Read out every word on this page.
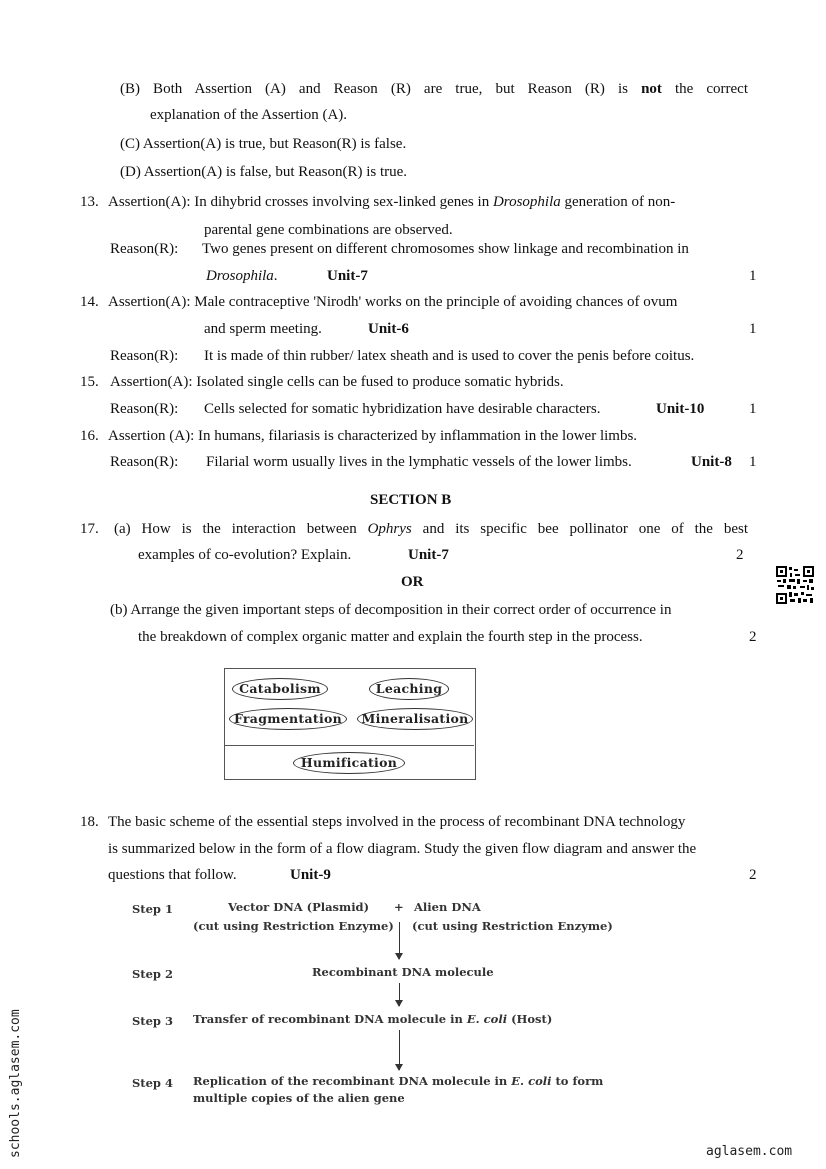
(B) Both Assertion (A) and Reason (R) are true, but Reason (R) is not the correct
explanation of the Assertion (A).
(C) Assertion(A) is true, but Reason(R) is false.
(D) Assertion(A) is false, but Reason(R) is true.
13. Assertion(A): In dihybrid crosses involving sex-linked genes in Drosophila generation of non-
parental gene combinations are observed.
Reason(R): Two genes present on different chromosomes show linkage and recombination in
Drosophila.	Unit-7	1
14. Assertion(A): Male contraceptive 'Nirodh' works on the principle of avoiding chances of ovum
and sperm meeting.	Unit-6	1
Reason(R): It is made of thin rubber/ latex sheath and is used to cover the penis before coitus.
15. Assertion(A): Isolated single cells can be fused to produce somatic hybrids.
Reason(R): Cells selected for somatic hybridization have desirable characters.	Unit-10	1
16. Assertion (A): In humans, filariasis is characterized by inflammation in the lower limbs.
Reason(R): Filarial worm usually lives in the lymphatic vessels of the lower limbs.	Unit-8 1
SECTION B
17. (a) How is the interaction between Ophrys and its specific bee pollinator one of the best
examples of co-evolution? Explain.	Unit-7	2
OR
(b) Arrange the given important steps of decomposition in their correct order of occurrence in
the breakdown of complex organic matter and explain the fourth step in the process.	2
Catabolism	Leaching
Fragmentation	Mineralisation
Humification
18. The basic scheme of the essential steps involved in the process of recombinant DNA technology
is summarized below in the form of a flow diagram. Study the given flow diagram and answer the
questions that follow.	Unit-9	2
Step 1	Vector DNA (Plasmid) + Alien DNA
(cut using Restriction Enzyme) (cut using Restriction Enzyme)
Step 2	Recombinant DNA molecule
Step 3 Transfer of recombinant DNA molecule in E. coli (Host)
Step 4 Replication of the recombinant DNA molecule in E. coli to form
multiple copies of the alien gene
schools.aglasem.com	aglasem.com
